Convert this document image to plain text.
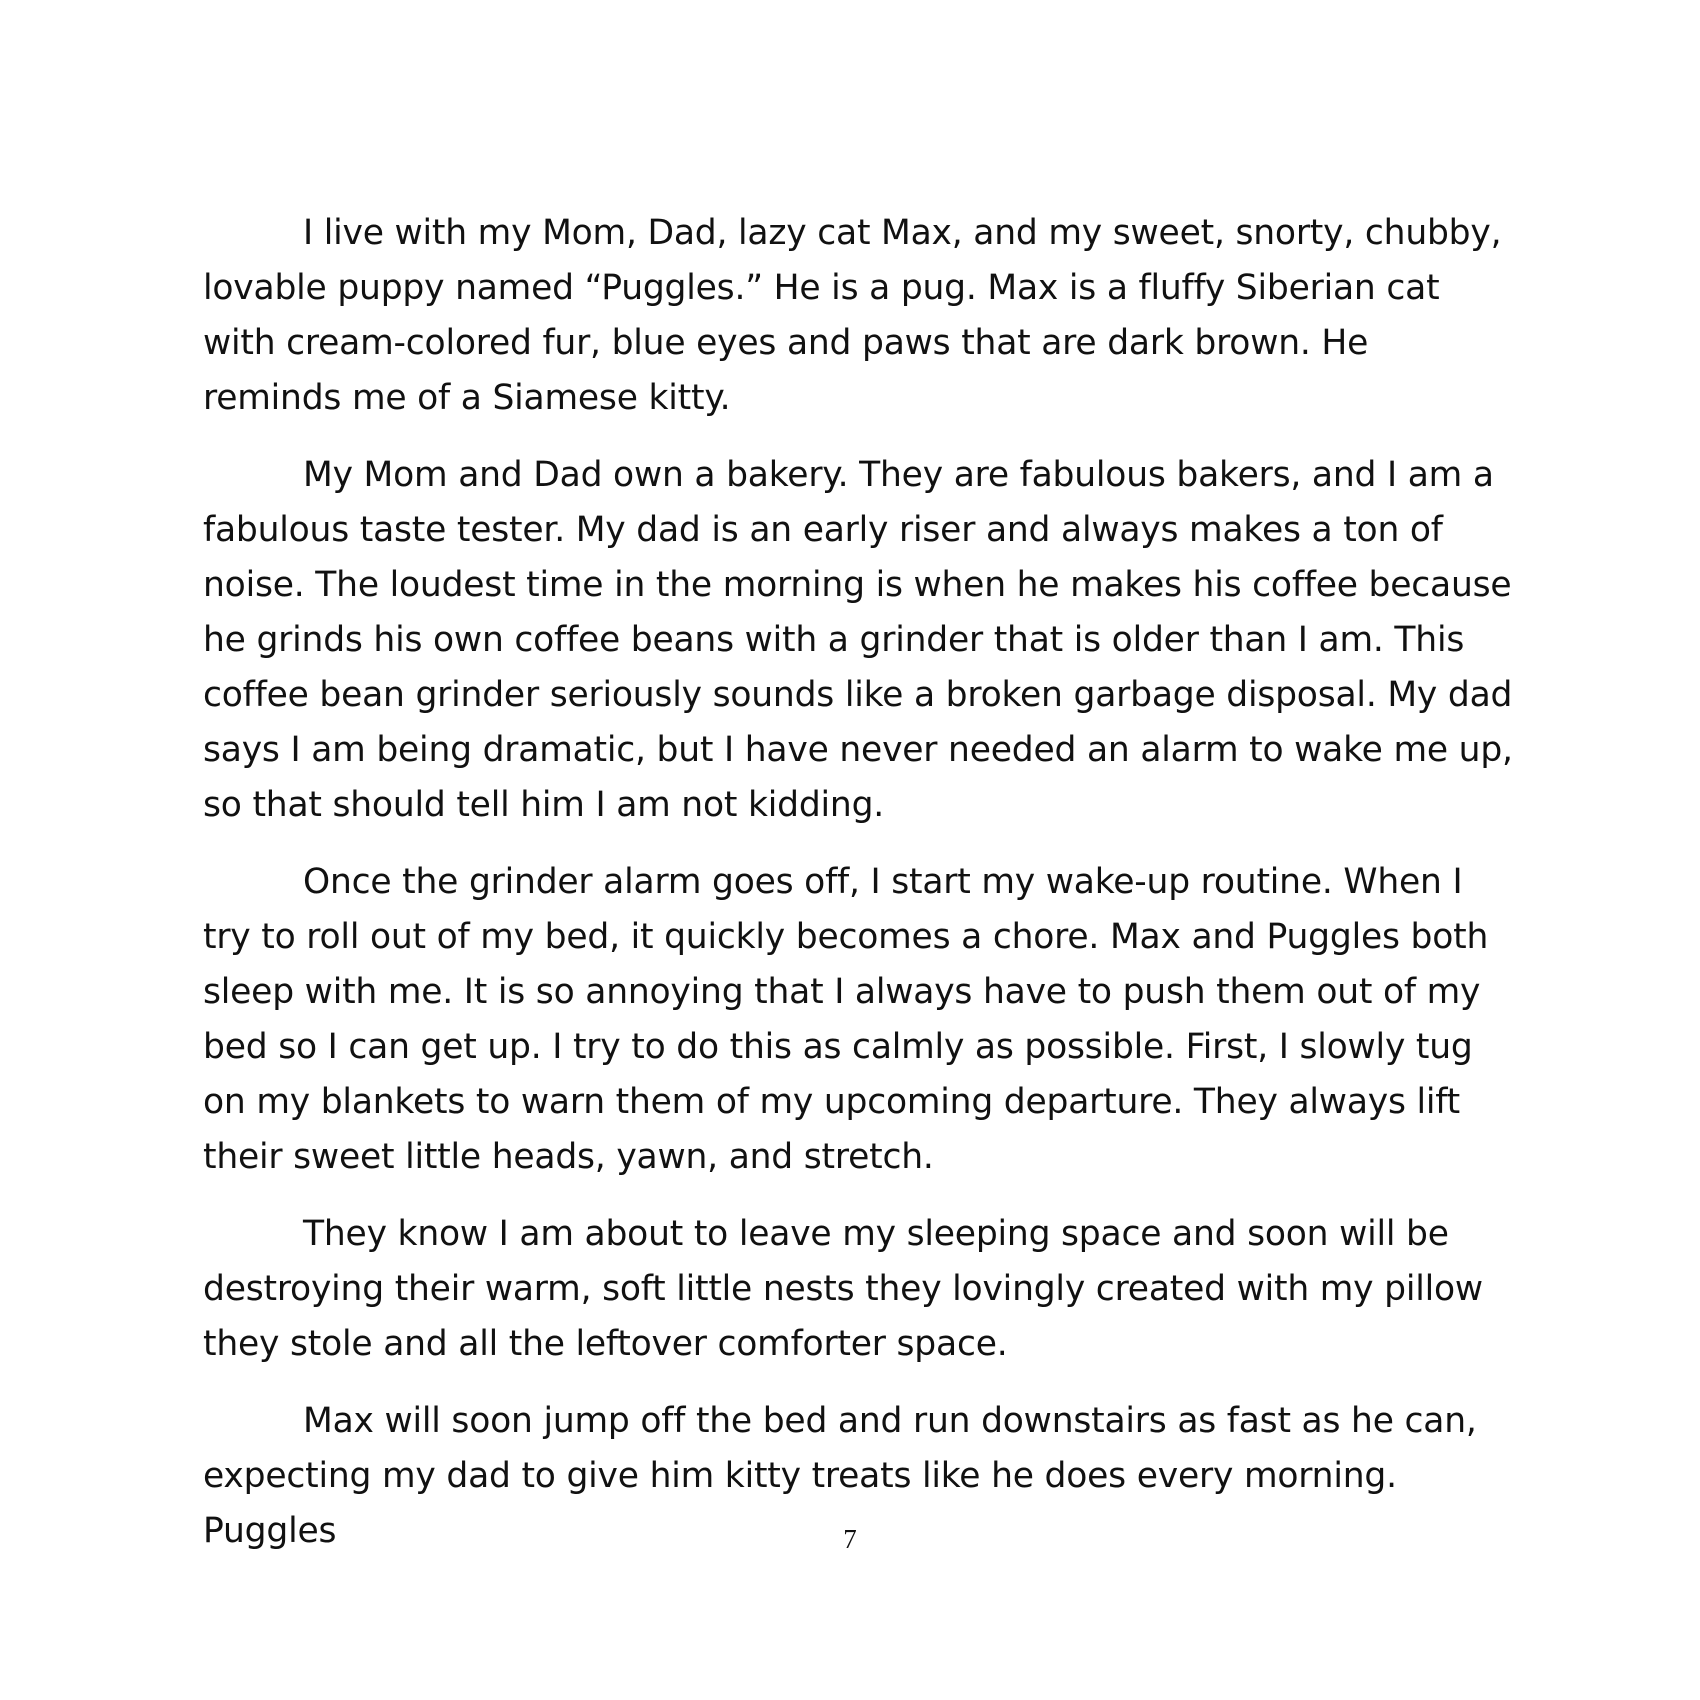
I live with my Mom, Dad, lazy cat Max, and my sweet, snorty, chubby, lovable puppy named “Puggles.” He is a pug. Max is a fluffy Siberian cat with cream-colored fur, blue eyes and paws that are dark brown. He reminds me of a Siamese kitty.

My Mom and Dad own a bakery. They are fabulous bakers, and I am a fabulous taste tester. My dad is an early riser and always makes a ton of noise. The loudest time in the morning is when he makes his coffee because he grinds his own coffee beans with a grinder that is older than I am. This coffee bean grinder seriously sounds like a broken garbage disposal. My dad says I am being dramatic, but I have never needed an alarm to wake me up, so that should tell him I am not kidding.

Once the grinder alarm goes off, I start my wake-up routine. When I try to roll out of my bed, it quickly becomes a chore. Max and Puggles both sleep with me. It is so annoying that I always have to push them out of my bed so I can get up. I try to do this as calmly as possible. First, I slowly tug on my blankets to warn them of my upcoming departure. They always lift their sweet little heads, yawn, and stretch.

They know I am about to leave my sleeping space and soon will be destroying their warm, soft little nests they lovingly created with my pillow they stole and all the leftover comforter space.

Max will soon jump off the bed and run downstairs as fast as he can, expecting my dad to give him kitty treats like he does every morning. Puggles	7
